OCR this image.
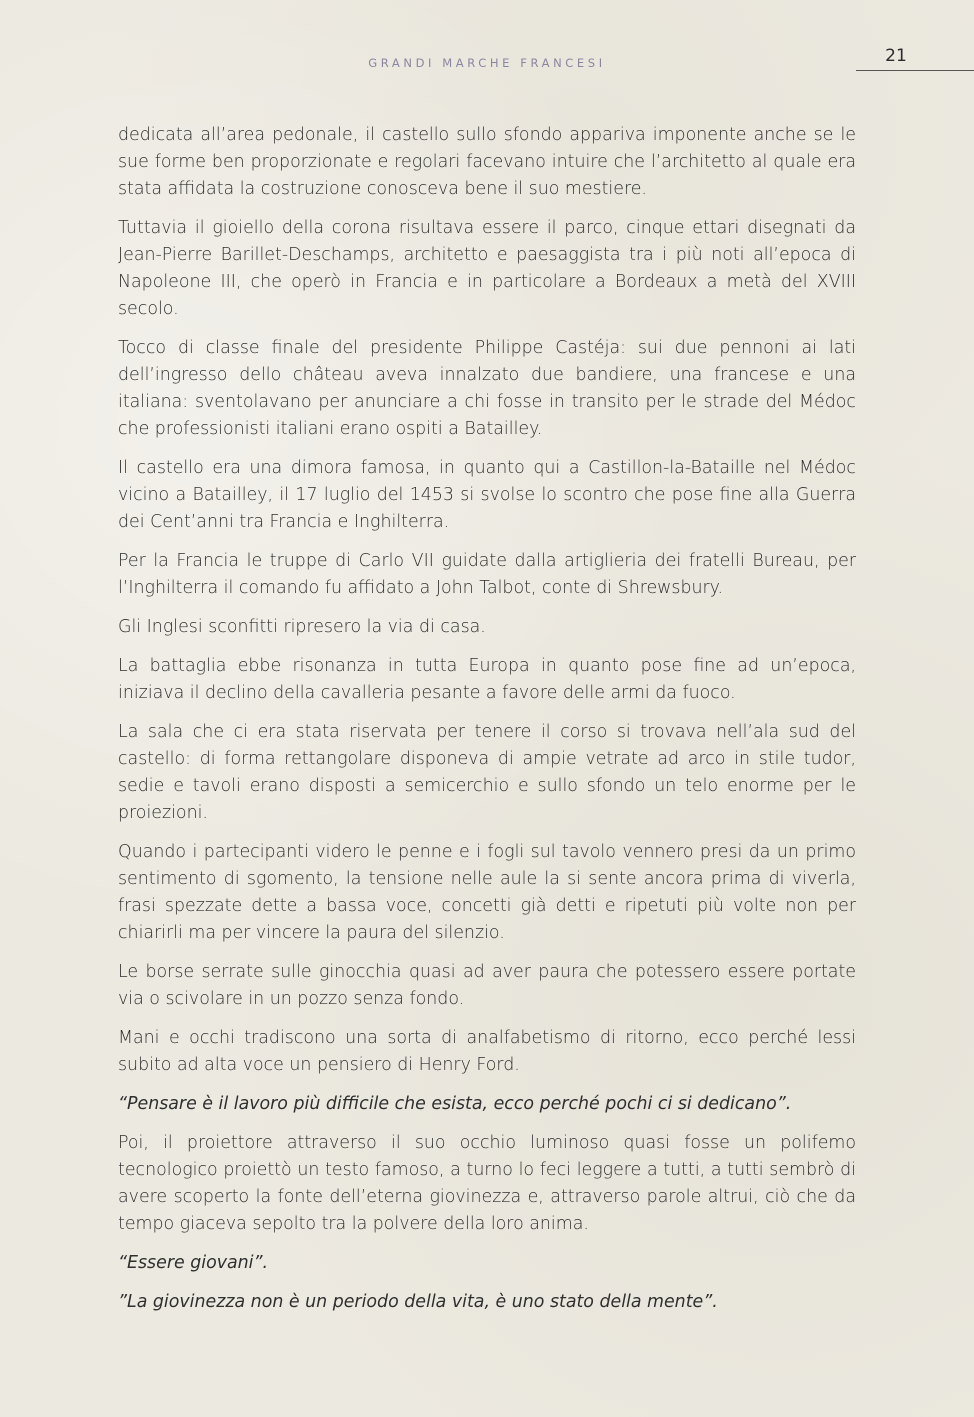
GRANDI MARCHE FRANCESI	21

dedicata all’area pedonale, il castello sullo sfondo appariva imponente anche se le sue forme ben proporzionate e regolari facevano intuire che l’architetto al quale era stata affidata la costruzione conosceva bene il suo mestiere.

Tuttavia il gioiello della corona risultava essere il parco, cinque ettari disegnati da Jean-Pierre Barillet-Deschamps, architetto e paesaggista tra i più noti all’epoca di Napoleone III, che operò in Francia e in particolare a Bordeaux a metà del XVIII secolo.

Tocco di classe finale del presidente Philippe Castéja: sui due pennoni ai lati dell’ingresso dello château aveva innalzato due bandiere, una francese e una italiana: sventolavano per anunciare a chi fosse in transito per le strade del Médoc che professionisti italiani erano ospiti a Batailley.

Il castello era una dimora famosa, in quanto qui a Castillon-la-Bataille nel Médoc vicino a Batailley, il 17 luglio del 1453 si svolse lo scontro che pose fine alla Guerra dei Cent’anni tra Francia e Inghilterra.

Per la Francia le truppe di Carlo VII guidate dalla artiglieria dei fratelli Bureau, per l’Inghilterra il comando fu affidato a John Talbot, conte di Shrewsbury.

Gli Inglesi sconfitti ripresero la via di casa.

La battaglia ebbe risonanza in tutta Europa in quanto pose fine ad un’epoca, iniziava il declino della cavalleria pesante a favore delle armi da fuoco.

La sala che ci era stata riservata per tenere il corso si trovava nell’ala sud del castello: di forma rettangolare disponeva di ampie vetrate ad arco in stile tudor, sedie e tavoli erano disposti a semicerchio e sullo sfondo un telo enorme per le proiezioni.

Quando i partecipanti videro le penne e i fogli sul tavolo vennero presi da un primo sentimento di sgomento, la tensione nelle aule la si sente ancora prima di viverla, frasi spezzate dette a bassa voce, concetti già detti e ripetuti più volte non per chiarirli ma per vincere la paura del silenzio.

Le borse serrate sulle ginocchia quasi ad aver paura che potessero essere portate via o scivolare in un pozzo senza fondo.

Mani e occhi tradiscono una sorta di analfabetismo di ritorno, ecco perché lessi subito ad alta voce un pensiero di Henry Ford.

“Pensare è il lavoro più difficile che esista, ecco perché pochi ci si dedicano”.

Poi, il proiettore attraverso il suo occhio luminoso quasi fosse un polifemo tecnologico proiettò un testo famoso, a turno lo feci leggere a tutti, a tutti sembrò di avere scoperto la fonte dell’eterna giovinezza e, attraverso parole altrui, ciò che da tempo giaceva sepolto tra la polvere della loro anima.

“Essere giovani”.

”La giovinezza non è un periodo della vita, è uno stato della mente”.
